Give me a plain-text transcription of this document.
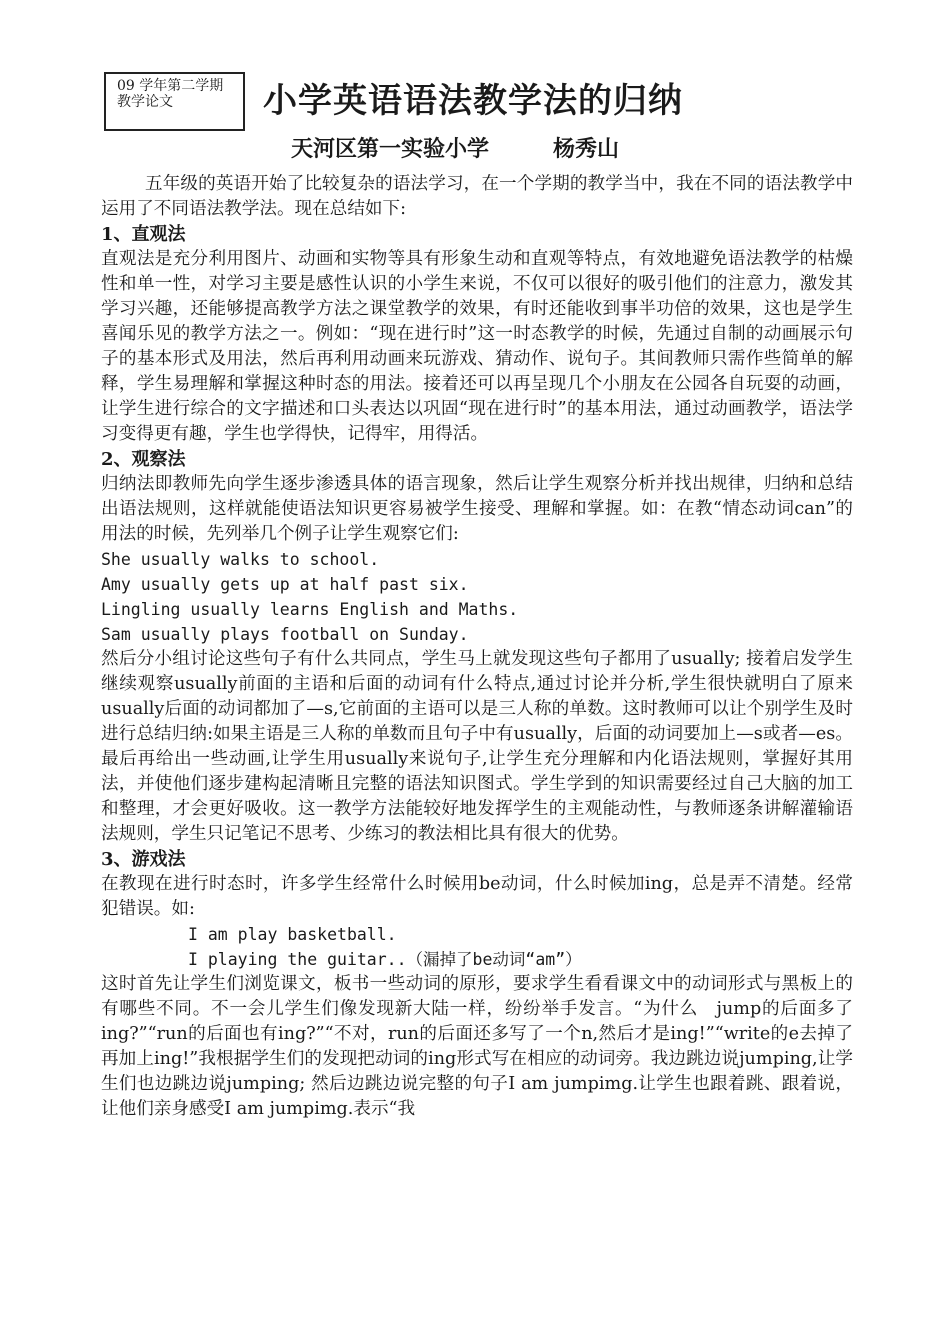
09 学年第二学期
教学论文	小学英语语法教学法的归纳
天河区第一实验小学	杨秀山

五年级的英语开始了比较复杂的语法学习，在一个学期的教学当中，我在不同的语法教学中运用了不同语法教学法。现在总结如下:

1、直观法

直观法是充分利用图片、动画和实物等具有形象生动和直观等特点，有效地避免语法教学的枯燥性和单一性，对学习主要是感性认识的小学生来说，不仅可以很好的吸引他们的注意力，激发其学习兴趣，还能够提高教学方法之课堂教学的效果，有时还能收到事半功倍的效果，这也是学生喜闻乐见的教学方法之一。例如：“现在进行时”这一时态教学的时候，先通过自制的动画展示句子的基本形式及用法，然后再利用动画来玩游戏、猜动作、说句子。其间教师只需作些简单的解释，学生易理解和掌握这种时态的用法。接着还可以再呈现几个小朋友在公园各自玩耍的动画，让学生进行综合的文字描述和口头表达以巩固“现在进行时”的基本用法，通过动画教学，语法学习变得更有趣，学生也学得快，记得牢，用得活。

2、观察法

归纳法即教师先向学生逐步渗透具体的语言现象，然后让学生观察分析并找出规律，归纳和总结出语法规则，这样就能使语法知识更容易被学生接受、理解和掌握。如：在教“情态动词can”的用法的时候，先列举几个例子让学生观察它们:

She usually walks to school.
Amy usually gets up at half past six.
Lingling usually learns English and Maths.
Sam usually plays football on Sunday.

然后分小组讨论这些句子有什么共同点，学生马上就发现这些句子都用了usually; 接着启发学生继续观察usually前面的主语和后面的动词有什么特点,通过讨论并分析,学生很快就明白了原来usually后面的动词都加了—s,它前面的主语可以是三人称的单数。这时教师可以让个别学生及时进行总结归纳:如果主语是三人称的单数而且句子中有usually，后面的动词要加上—s或者—es。最后再给出一些动画,让学生用usually来说句子,让学生充分理解和内化语法规则，掌握好其用法，并使他们逐步建构起清晰且完整的语法知识图式。学生学到的知识需要经过自己大脑的加工和整理，才会更好吸收。这一教学方法能较好地发挥学生的主观能动性，与教师逐条讲解灌输语法规则，学生只记笔记不思考、少练习的教法相比具有很大的优势。

3、游戏法

在教现在进行时态时，许多学生经常什么时候用be动词，什么时候加ing，总是弄不清楚。经常犯错误。如:

I am play basketball.
I playing the guitar..（漏掉了be动词“am”）

这时首先让学生们浏览课文，板书一些动词的原形，要求学生看看课文中的动词形式与黑板上的有哪些不同。不一会儿学生们像发现新大陆一样，纷纷举手发言。“为什么　jump的后面多了ing?”“run的后面也有ing?”“不对，run的后面还多写了一个n,然后才是ing!”“write的e去掉了再加上ing!”我根据学生们的发现把动词的ing形式写在相应的动词旁。我边跳边说jumping,让学生们也边跳边说jumping; 然后边跳边说完整的句子I am jumpimg.让学生也跟着跳、跟着说，让他们亲身感受I am jumpimg.表示“我
